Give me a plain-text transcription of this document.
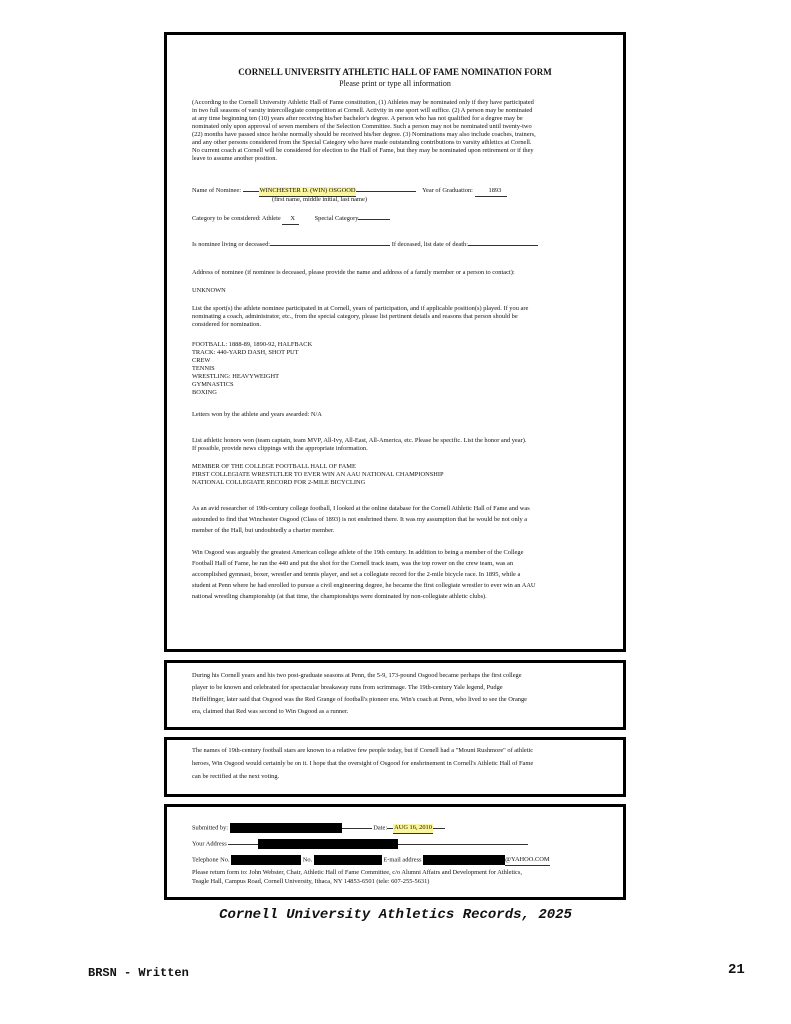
CORNELL UNIVERSITY ATHLETIC HALL OF FAME NOMINATION FORM
Please print or type all information
(According to the Cornell University Athletic Hall of Fame constitution, (1) Athletes may be nominated only if they have participated
in two full seasons of varsity intercollegiate competition at Cornell. Activity in one sport will suffice. (2) A person may be nominated
at any time beginning ten (10) years after receiving his/her bachelor's degree. A person who has not qualified for a degree may be
nominated only upon approval of seven members of the Selection Committee. Such a person may not be nominated until twenty-two
(22) months have passed since he/she normally should be received his/her degree. (3) Nominations may also include coaches, trainers,
and any other persons considered from the Special Category who have made outstanding contributions to varsity athletics at Cornell.
No current coach at Cornell will be considered for election to the Hall of Fame, but they may be nominated upon retirement or if they
leave to assume another position.
Name of Nominee:	WINCHESTER D. (WIN) OSGOOD	Year of Graduation: 1893
(first name, middle initial, last name)
Category to be considered: Athlete X	Special Category
Is nominee living or deceased:	If deceased, list date of death:
Address of nominee (if nominee is deceased, please provide the name and address of a family member or a person to contact):
UNKNOWN
List the sport(s) the athlete nominee participated in at Cornell, years of participation, and if applicable position(s) played. If you are
nominating a coach, administrator, etc., from the special category, please list pertinent details and reasons that person should be
considered for nomination.
FOOTBALL: 1888-89, 1890-92, HALFBACK
TRACK: 440-YARD DASH, SHOT PUT
CREW
TENNIS
WRESTLING: HEAVYWEIGHT
GYMNASTICS
BOXING
Letters won by the athlete and years awarded: N/A
List athletic honors won (team captain, team MVP, All-Ivy, All-East, All-America, etc. Please be specific. List the honor and year).
If possible, provide news clippings with the appropriate information.
MEMBER OF THE COLLEGE FOOTBALL HALL OF FAME
FIRST COLLEGIATE WRESTLTLER TO EVER WIN AN AAU NATIONAL CHAMPIONSHIP
NATIONAL COLLEGIATE RECORD FOR 2-MILE BICYCLING
As an avid researcher of 19th-century college football, I looked at the online database for the Cornell Athletic Hall of Fame and was
astounded to find that Winchester Osgood (Class of 1893) is not enshrined there. It was my assumption that he would be not only a
member of the Hall, but undoubtedly a charter member.
Win Osgood was arguably the greatest American college athlete of the 19th century. In addition to being a member of the College
Football Hall of Fame, he ran the 440 and put the shot for the Cornell track team, was the top rower on the crew team, was an
accomplished gymnast, boxer, wrestler and tennis player, and set a collegiate record for the 2-mile bicycle race. In 1895, while a
student at Penn where he had enrolled to pursue a civil engineering degree, he became the first collegiate wrestler to ever win an AAU
national wrestling championship (at that time, the championships were dominated by non-collegiate athletic clubs).
During his Cornell years and his two post-graduate seasons at Penn, the 5-9, 173-pound Osgood became perhaps the first college
player to be known and celebrated for spectacular breakaway runs from scrimmage. The 19th-century Yale legend, Pudge
Heffelfinger, later said that Osgood was the Red Grange of football's pioneer era. Win's coach at Penn, who lived to see the Orange
era, claimed that Red was second to Win Osgood as a runner.
The names of 19th-century football stars are known to a relative few people today, but if Cornell had a "Mount Rushmore" of athletic
heroes, Win Osgood would certainly be on it. I hope that the oversight of Osgood for enshrinement in Cornell's Athletic Hall of Fame
can be rectified at the next voting.
Submitted by:	Date: AUG 16, 2010
Your Address
Telephone No.	No.	E-mail address	@YAHOO.COM
Please return form to: John Webster, Chair, Athletic Hall of Fame Committee, c/o Alumni Affairs and Development for Athletics,
Teagle Hall, Campus Road, Cornell University, Ithaca, NY 14853-6501 (tele: 607-255-5631)
Cornell University Athletics Records, 2025
BRSN - Written	21
